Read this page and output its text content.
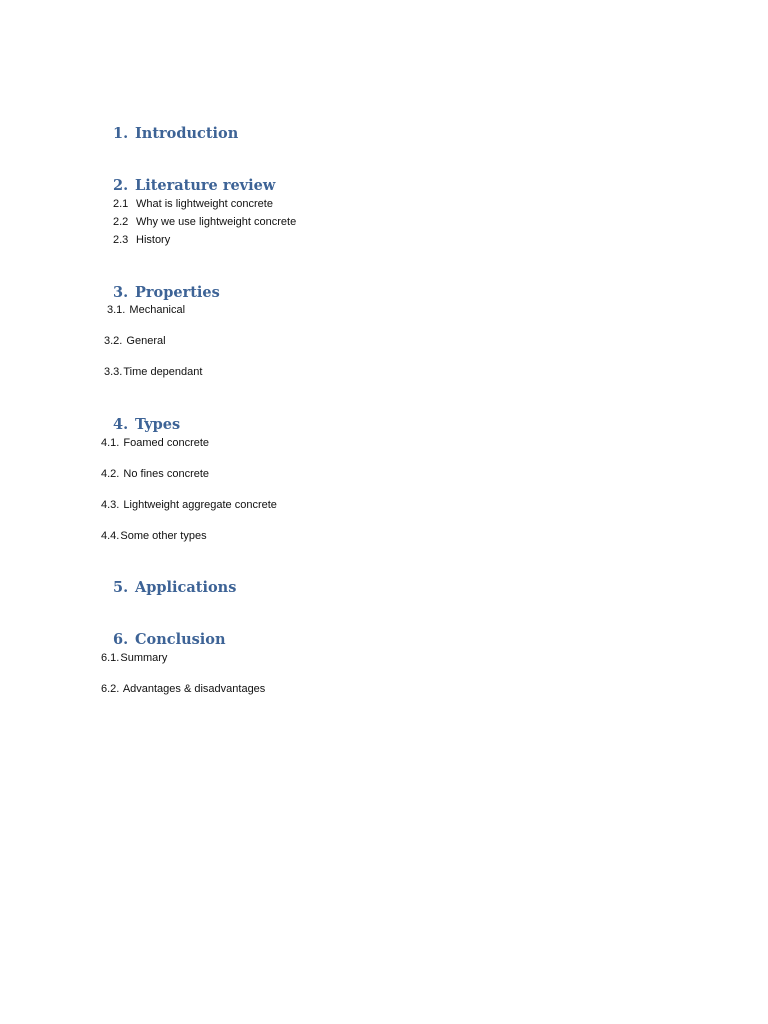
1. Introduction
2. Literature review
2.1 What is lightweight concrete
2.2 Why we use lightweight concrete
2.3 History
3. Properties
3.1. Mechanical
3.2. General
3.3.Time dependant
4. Types
4.1. Foamed concrete
4.2. No fines concrete
4.3. Lightweight aggregate concrete
4.4.Some other types
5. Applications
6. Conclusion
6.1.Summary
6.2. Advantages & disadvantages
